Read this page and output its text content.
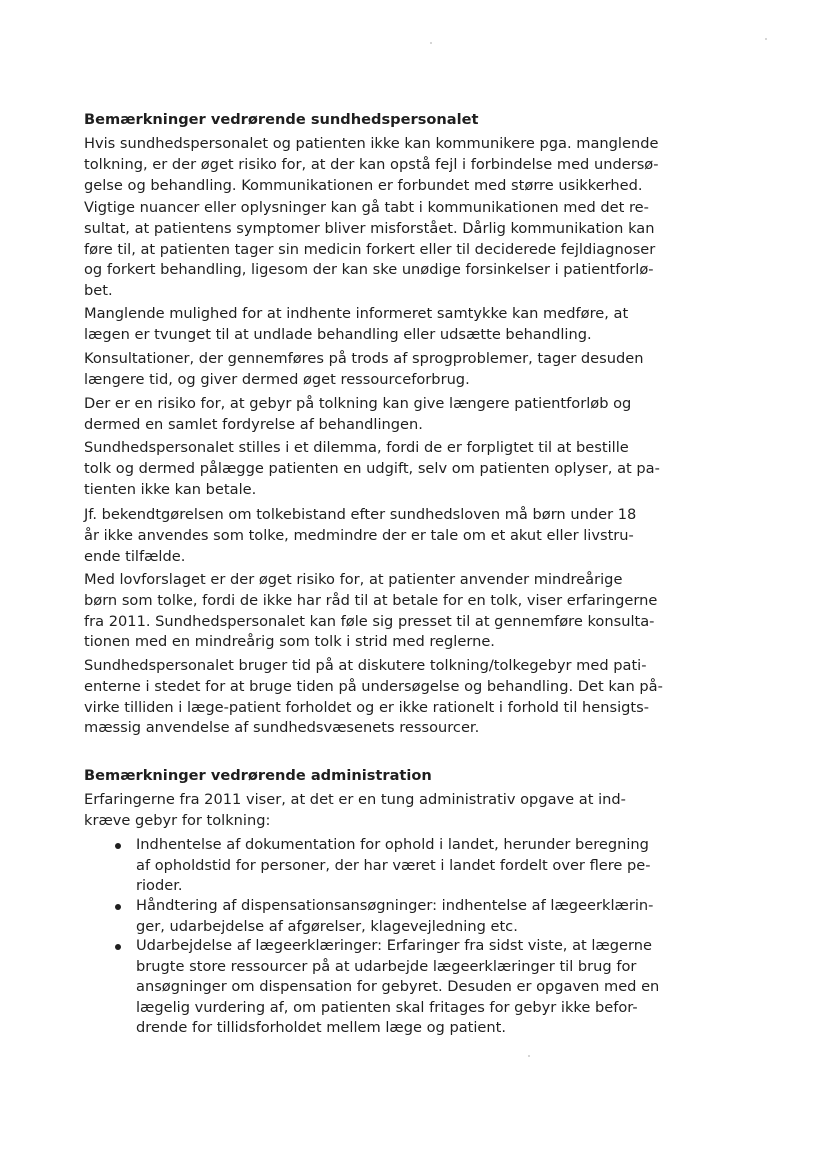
Bemærkninger vedrørende sundhedspersonalet

Hvis sundhedspersonalet og patienten ikke kan kommunikere pga. manglende
tolkning, er der øget risiko for, at der kan opstå fejl i forbindelse med undersø-
gelse og behandling. Kommunikationen er forbundet med større usikkerhed.

Vigtige nuancer eller oplysninger kan gå tabt i kommunikationen med det re-
sultat, at patientens symptomer bliver misforstået. Dårlig kommunikation kan
føre til, at patienten tager sin medicin forkert eller til deciderede fejldiagnoser
og forkert behandling, ligesom der kan ske unødige forsinkelser i patientforlø-
bet.

Manglende mulighed for at indhente informeret samtykke kan medføre, at
lægen er tvunget til at undlade behandling eller udsætte behandling.

Konsultationer, der gennemføres på trods af sprogproblemer, tager desuden
længere tid, og giver dermed øget ressourceforbrug.

Der er en risiko for, at gebyr på tolkning kan give længere patientforløb og
dermed en samlet fordyrelse af behandlingen.

Sundhedspersonalet stilles i et dilemma, fordi de er forpligtet til at bestille
tolk og dermed pålægge patienten en udgift, selv om patienten oplyser, at pa-
tienten ikke kan betale.

Jf. bekendtgørelsen om tolkebistand efter sundhedsloven må børn under 18
år ikke anvendes som tolke, medmindre der er tale om et akut eller livstru-
ende tilfælde.

Med lovforslaget er der øget risiko for, at patienter anvender mindreårige
børn som tolke, fordi de ikke har råd til at betale for en tolk, viser erfaringerne
fra 2011. Sundhedspersonalet kan føle sig presset til at gennemføre konsulta-
tionen med en mindreårig som tolk i strid med reglerne.

Sundhedspersonalet bruger tid på at diskutere tolkning/tolkegebyr med pati-
enterne i stedet for at bruge tiden på undersøgelse og behandling. Det kan på-
virke tilliden i læge-patient forholdet og er ikke rationelt i forhold til hensigts-
mæssig anvendelse af sundhedsvæsenets ressourcer.

Bemærkninger vedrørende administration

Erfaringerne fra 2011 viser, at det er en tung administrativ opgave at ind-
kræve gebyr for tolkning:

Indhentelse af dokumentation for ophold i landet, herunder beregning
af opholdstid for personer, der har været i landet fordelt over flere pe-
rioder.
Håndtering af dispensationsansøgninger: indhentelse af lægeerklærin-
ger, udarbejdelse af afgørelser, klagevejledning etc.
Udarbejdelse af lægeerklæringer: Erfaringer fra sidst viste, at lægerne
brugte store ressourcer på at udarbejde lægeerklæringer til brug for
ansøgninger om dispensation for gebyret. Desuden er opgaven med en
lægelig vurdering af, om patienten skal fritages for gebyr ikke befor-
drende for tillidsforholdet mellem læge og patient.
